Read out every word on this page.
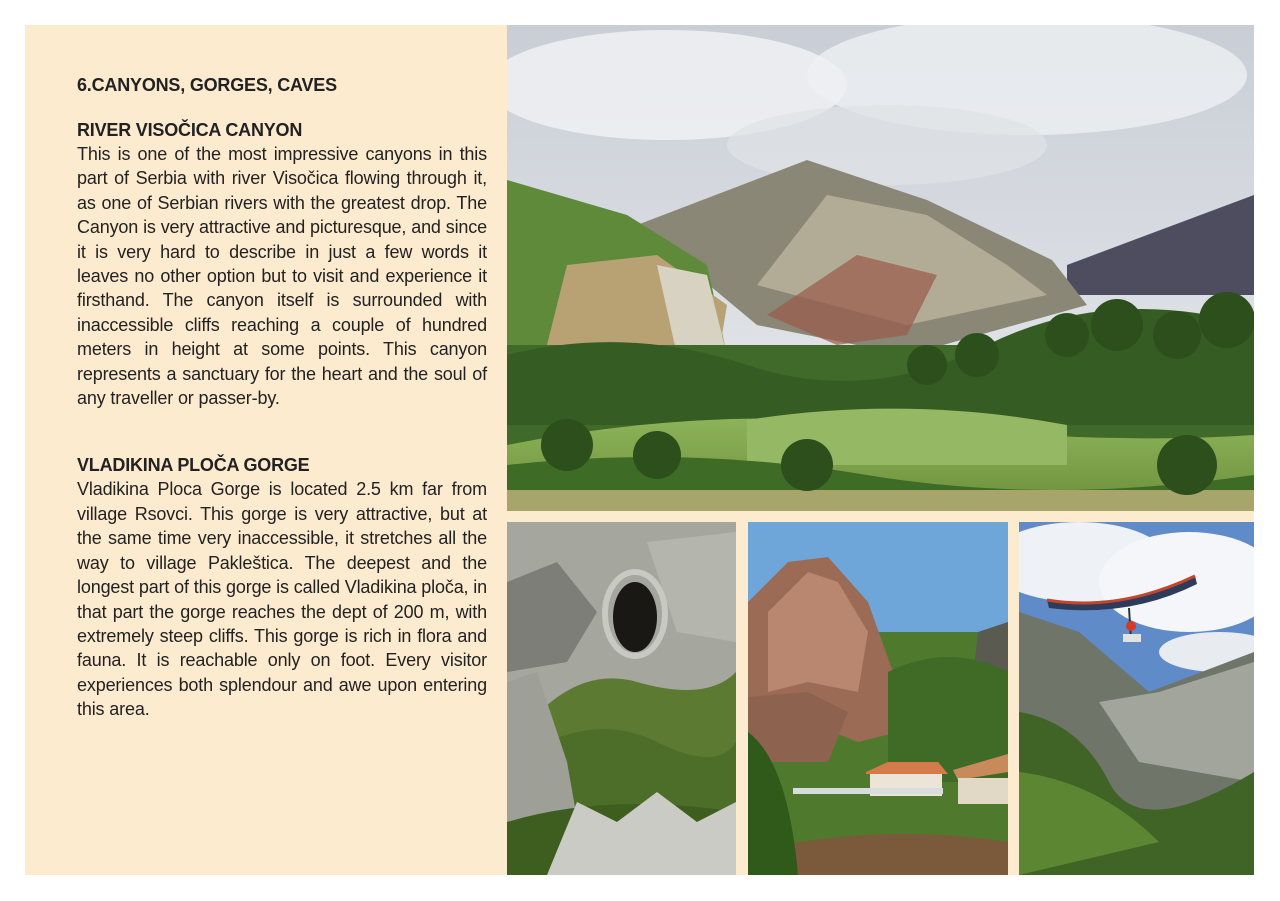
6.CANYONS, GORGES, CAVES
RIVER VISOČICA CANYON

This is one of the most impressive canyons in this part of Serbia with river Visočica flowing through it, as one of Serbian rivers with the greatest drop. The Canyon is very attractive and picturesque, and since it is very hard to describe in just a few words it leaves no other option but to visit and experience it firsthand. The canyon itself is surrounded with inaccessible cliffs reaching a couple of hundred meters in height at some points. This canyon represents a sanctuary for the heart and the soul of any traveller or passer-by.

VLADIKINA PLOČA GORGE

Vladikina Ploca Gorge is located 2.5 km far from village Rsovci. This gorge is very attractive, but at the same time very inaccessible, it stretches all the way to village Pakleštica. The deepest and the longest part of this gorge is called Vladikina ploča, in that part the gorge reaches the dept of 200 m, with extremely steep cliffs. This gorge is rich in flora and fauna. It is reachable only on foot. Every visitor experiences both splendour and awe upon entering this area.
